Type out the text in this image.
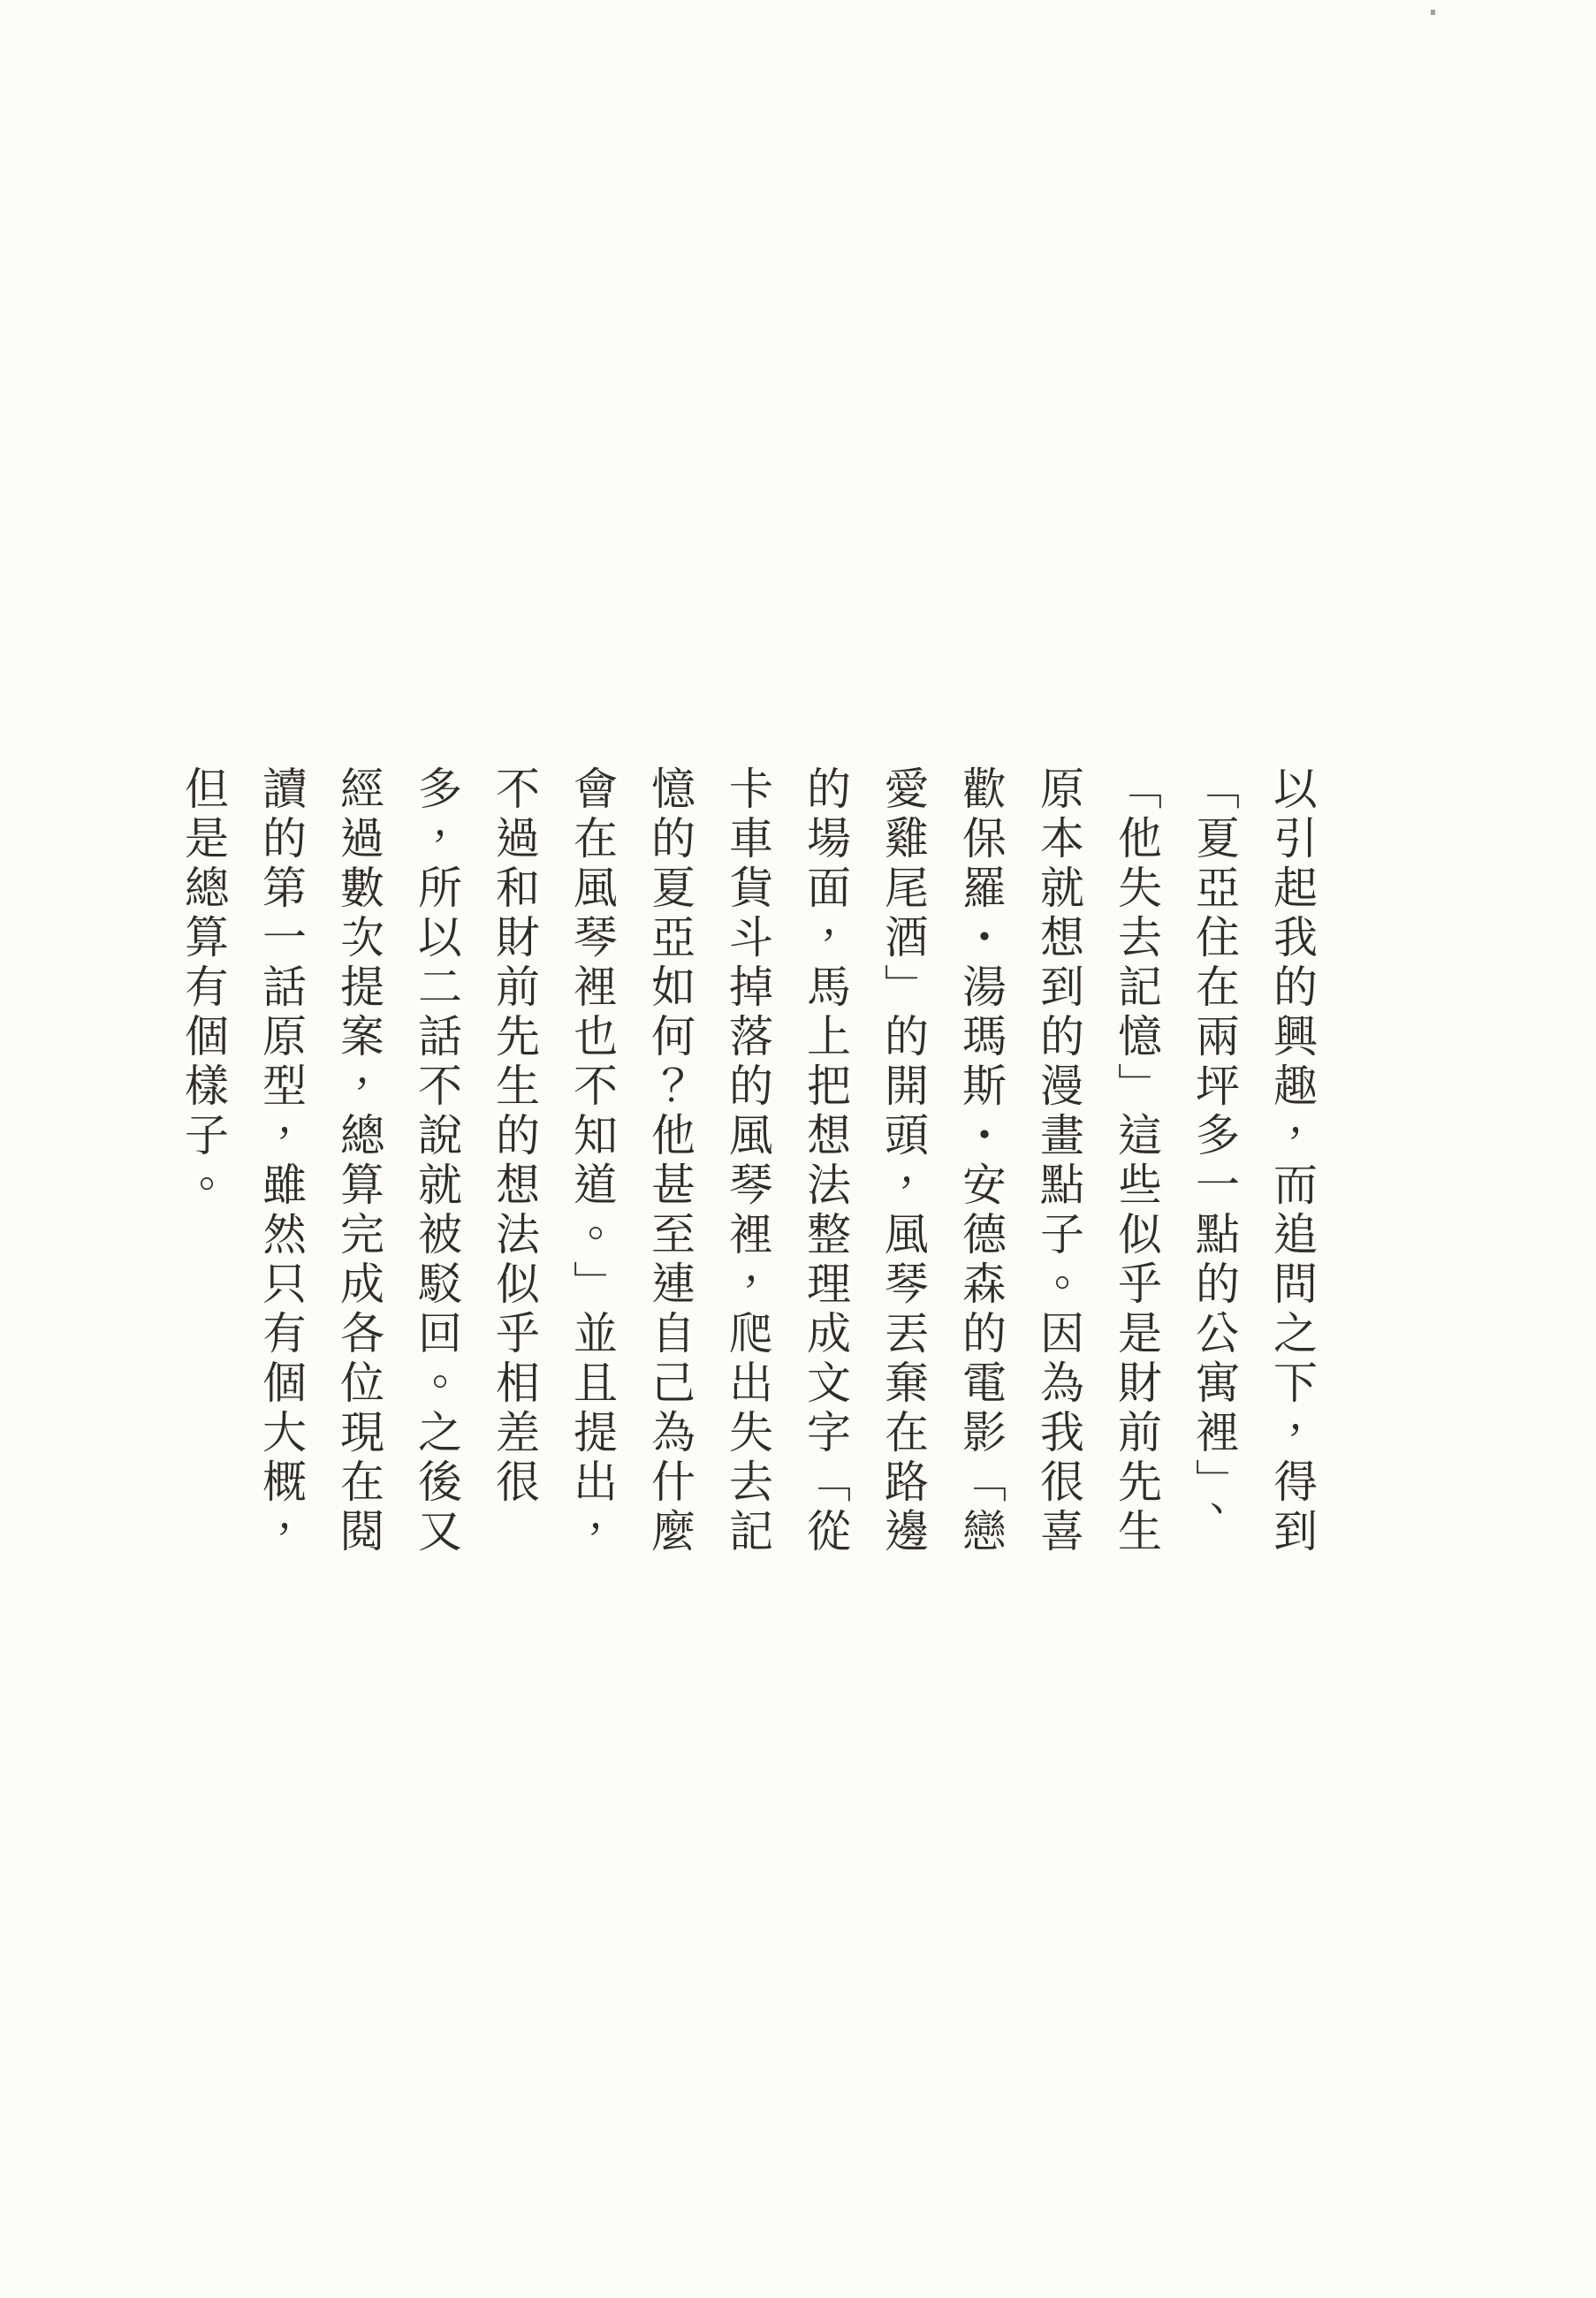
以引起我的興趣，而追問之下，得到
「夏亞住在兩坪多一點的公寓裡」、
「他失去記憶」這些似乎是財前先生
原本就想到的漫畫點子。因為我很喜
歡保羅・湯瑪斯・安德森的電影「戀
愛雞尾酒」的開頭，風琴丟棄在路邊
的場面，馬上把想法整理成文字「從
卡車貨斗掉落的風琴裡，爬出失去記
憶的夏亞如何？他甚至連自己為什麼
會在風琴裡也不知道。」並且提出，
不過和財前先生的想法似乎相差很
多，所以二話不說就被駁回。之後又
經過數次提案，總算完成各位現在閱
讀的第一話原型，雖然只有個大概，
但是總算有個樣子。
